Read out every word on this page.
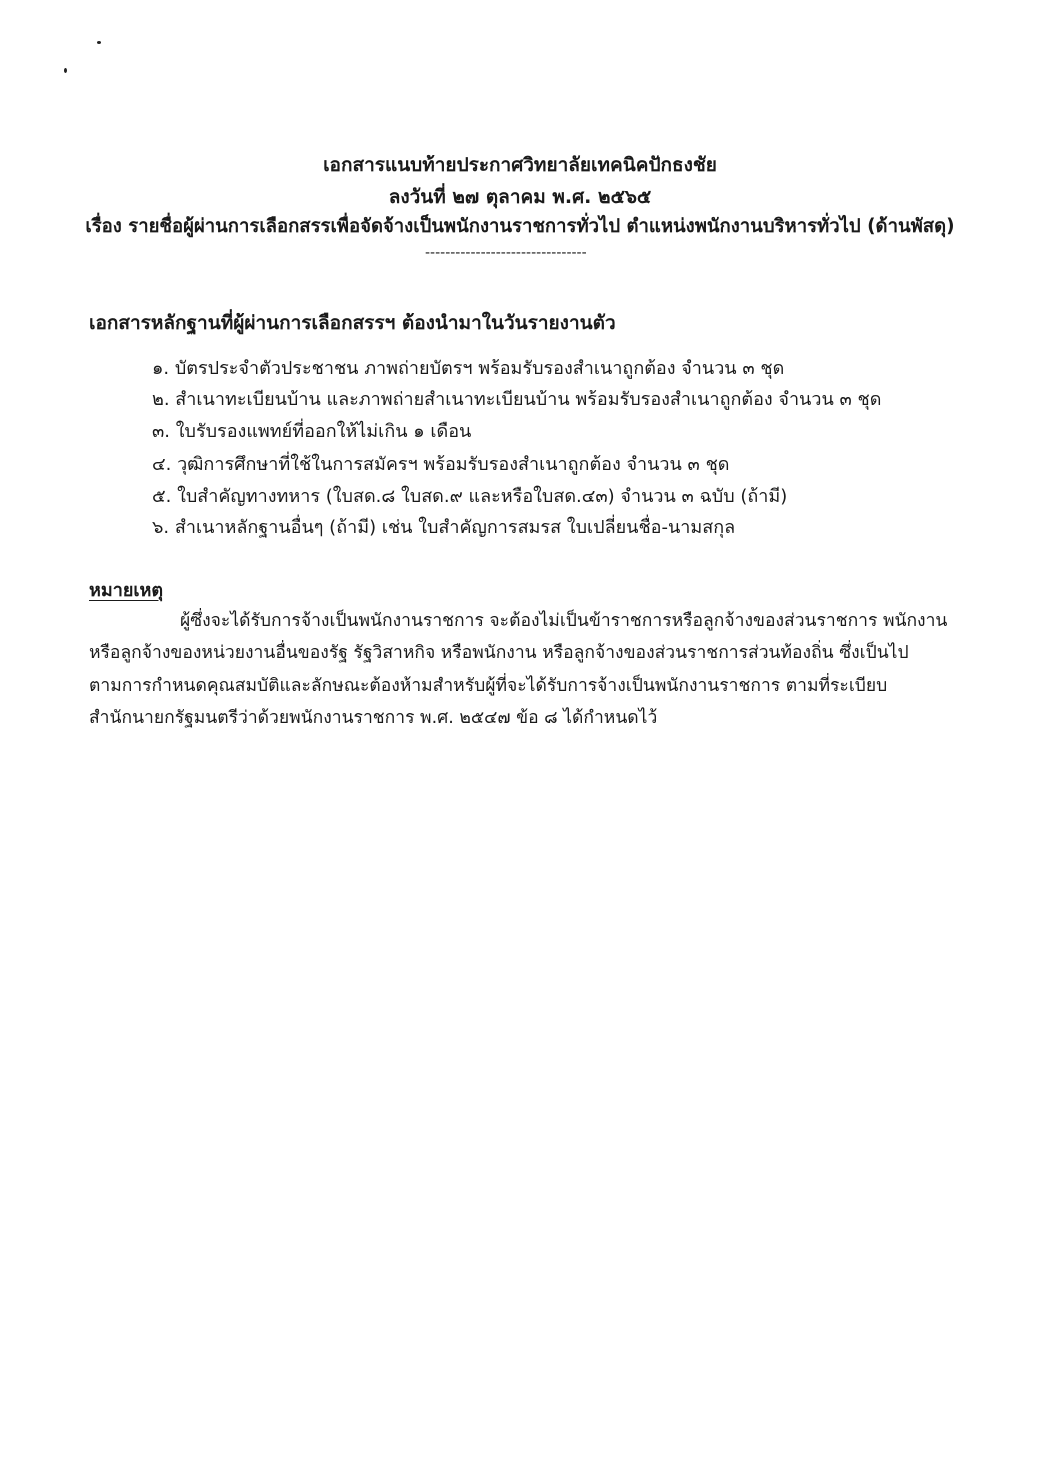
เอกสารแนบท้ายประกาศวิทยาลัยเทคนิคปักธงชัย
ลงวันที่ ๒๗ ตุลาคม พ.ศ. ๒๕๖๕
เรื่อง รายชื่อผู้ผ่านการเลือกสรรเพื่อจัดจ้างเป็นพนักงานราชการทั่วไป ตำแหน่งพนักงานบริหารทั่วไป (ด้านพัสดุ)
--------------------------------
เอกสารหลักฐานที่ผู้ผ่านการเลือกสรรฯ ต้องนำมาในวันรายงานตัว
๑. บัตรประจำตัวประชาชน ภาพถ่ายบัตรฯ พร้อมรับรองสำเนาถูกต้อง จำนวน ๓ ชุด
๒. สำเนาทะเบียนบ้าน และภาพถ่ายสำเนาทะเบียนบ้าน พร้อมรับรองสำเนาถูกต้อง จำนวน ๓ ชุด
๓. ใบรับรองแพทย์ที่ออกให้ไม่เกิน ๑ เดือน
๔. วุฒิการศึกษาที่ใช้ในการสมัครฯ พร้อมรับรองสำเนาถูกต้อง จำนวน ๓ ชุด
๕. ใบสำคัญทางทหาร (ใบสด.๘ ใบสด.๙ และหรือใบสด.๔๓) จำนวน ๓ ฉบับ (ถ้ามี)
๖. สำเนาหลักฐานอื่นๆ (ถ้ามี) เช่น ใบสำคัญการสมรส ใบเปลี่ยนชื่อ-นามสกุล
หมายเหตุ
ผู้ซึ่งจะได้รับการจ้างเป็นพนักงานราชการ จะต้องไม่เป็นข้าราชการหรือลูกจ้างของส่วนราชการ พนักงาน
หรือลูกจ้างของหน่วยงานอื่นของรัฐ รัฐวิสาหกิจ หรือพนักงาน หรือลูกจ้างของส่วนราชการส่วนท้องถิ่น ซึ่งเป็นไป
ตามการกำหนดคุณสมบัติและลักษณะต้องห้ามสำหรับผู้ที่จะได้รับการจ้างเป็นพนักงานราชการ ตามที่ระเบียบ
สำนักนายกรัฐมนตรีว่าด้วยพนักงานราชการ พ.ศ. ๒๕๔๗ ข้อ ๘ ได้กำหนดไว้
